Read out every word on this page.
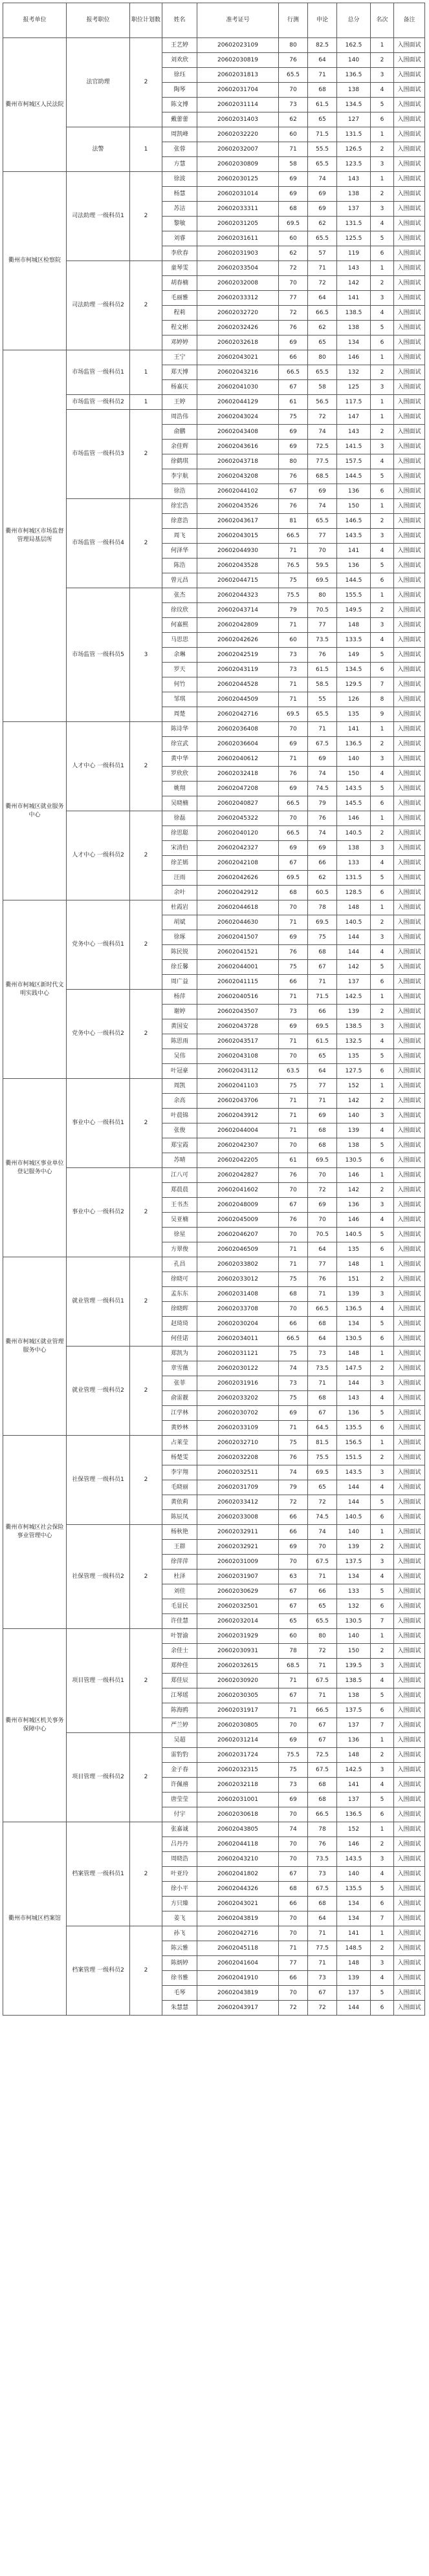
报考单位	报考职位	职位计划数	姓名	准考证号	行测	申论	总分	名次	备注
衢州市柯城区人民法院	法官助理	2	王艺婷	20602023109	80	82.5	162.5	1	入围面试
			刘欢欣	20602030819	76	64	140	2	入围面试
			徐珏	20602031813	65.5	71	136.5	3	入围面试
			陶琴	20602031704	70	68	138	4	入围面试
			陈文博	20602031114	73	61.5	134.5	5	入围面试
			戴蕾蕾	20602031403	62	65	127	6	入围面试
	法警	1	周凯峰	20602032220	60	71.5	131.5	1	入围面试
			张蓉	20602032007	71	55.5	126.5	2	入围面试
			方慧	20602030809	58	65.5	123.5	3	入围面试
衢州市柯城区检察院	司法助理 一级科员1	2	徐波	20602030125	69	74	143	1	入围面试
			杨慧	20602031014	69	69	138	2	入围面试
			苏洁	20602033311	68	69	137	3	入围面试
			黎敏	20602031205	69.5	62	131.5	4	入围面试
			刘睿	20602031611	60	65.5	125.5	5	入围面试
			李欣春	20602031903	62	57	119	6	入围面试
	司法助理 一级科员2	2	童琴雯	20602033504	72	71	143	1	入围面试
			胡春楠	20602032008	70	72	142	2	入围面试
			毛丽雅	20602033312	77	64	141	3	入围面试
			程莉	20602032720	72	66.5	138.5	4	入围面试
			程文彬	20602032426	76	62	138	5	入围面试
			邓婷婷	20602032618	69	65	134	6	入围面试
衢州市柯城区市场监督管理局基层所	市场监管 一级科员1	1	王宁	20602043021	66	80	146	1	入围面试
			郑天博	20602043216	66.5	65.5	132	2	入围面试
			杨嘉庆	20602041030	67	58	125	3	入围面试
	市场监管 一级科员2	1	王婷	20602044129	61	56.5	117.5	1	入围面试
	市场监管 一级科员3	2	周浩伟	20602043024	75	72	147	1	入围面试
			俞鹏	20602043408	69	74	143	2	入围面试
			余佳辉	20602043616	69	72.5	141.5	3	入围面试
			徐鹤琪	20602043718	80	77.5	157.5	4	入围面试
			李宇航	20602043208	76	68.5	144.5	5	入围面试
			徐浩	20602044102	67	69	136	6	入围面试
	市场监管 一级科员4	2	徐宏浩	20602043526	76	74	150	1	入围面试
			徐意浩	20602043617	81	65.5	146.5	2	入围面试
			周飞	20602043015	66.5	77	143.5	3	入围面试
			何泽华	20602044930	71	70	141	4	入围面试
			陈浩	20602043528	76.5	59.5	136	5	入围面试
			曾元昌	20602044715	75	69.5	144.5	6	入围面试
	市场监管 一级科员5	3	张杰	20602044323	75.5	80	155.5	1	入围面试
			徐玟欣	20602043714	79	70.5	149.5	2	入围面试
			何嘉熙	20602042809	71	77	148	3	入围面试
			马思思	20602042626	60	73.5	133.5	4	入围面试
			余琳	20602042519	73	76	149	5	入围面试
			罗天	20602043119	73	61.5	134.5	6	入围面试
			何竹	20602044528	71	58.5	129.5	7	入围面试
			邹琪	20602044509	71	55	126	8	入围面试
			周楚	20602042716	69.5	65.5	135	9	入围面试
衢州市柯城区就业服务中心	人才中心 一级科员1	2	陈诗华	20602036408	70	71	141	1	入围面试
			徐宣武	20602036604	69	67.5	136.5	2	入围面试
			黄中华	20602040612	71	69	140	3	入围面试
			罗欣欣	20602032418	76	74	150	4	入围面试
			姚翔	20602047208	69	74.5	143.5	5	入围面试
			吴晓楠	20602040827	66.5	79	145.5	6	入围面试
	人才中心 一级科员2	2	徐磊	20602045322	70	76	146	1	入围面试
			徐思聪	20602040120	66.5	74	140.5	2	入围面试
			宋清伯	20602042327	69	69	138	3	入围面试
			徐芷嫣	20602042108	67	66	133	4	入围面试
			汪雨	20602042626	69.5	62	131.5	5	入围面试
			余叶	20602042912	68	60.5	128.5	6	入围面试
衢州市柯城区新时代文明实践中心	党务中心 一级科员1	2	杜霞岩	20602044618	70	78	148	1	入围面试
			胡斌	20602044630	71	69.5	140.5	2	入围面试
			徐琢	20602041507	69	75	144	3	入围面试
			陈民锐	20602041521	76	68	144	4	入围面试
			徐丘馨	20602044001	75	67	142	5	入围面试
			周广益	20602041115	66	71	137	6	入围面试
	党务中心 一级科员2	2	杨萍	20602040516	71	71.5	142.5	1	入围面试
			谢婷	20602043507	73	66	139	2	入围面试
			黄国安	20602043728	69	69.5	138.5	3	入围面试
			陈思雨	20602043517	71	61.5	132.5	4	入围面试
			吴伟	20602043108	70	65	135	5	入围面试
			叶冠豪	20602043112	63.5	64	127.5	6	入围面试
衢州市柯城区事业单位登记服务中心	事业中心 一级科员1	2	周凯	20602041103	75	77	152	1	入围面试
			余高	20602043706	71	71	142	2	入围面试
			叶晨锦	20602043912	71	69	140	3	入围面试
			张俊	20602044004	71	68	139	4	入围面试
			郑宝霞	20602042307	70	68	138	5	入围面试
			苏晴	20602042205	61	69.5	130.5	6	入围面试
	事业中心 一级科员2	2	江八可	20602042827	76	70	146	1	入围面试
			郑晨晨	20602041602	70	72	142	2	入围面试
			王书杰	20602048009	67	69	136	3	入围面试
			吴亚楠	20602045009	76	70	146	4	入围面试
			徐星	20602046207	70	70.5	140.5	5	入围面试
			方翠俊	20602046509	71	64	135	6	入围面试
衢州市柯城区就业管理服务中心	就业管理 一级科员1	2	孔昌	20602033802	71	77	148	1	入围面试
			徐晓可	20602033012	75	76	151	2	入围面试
			孟东东	20602031408	68	71	139	3	入围面试
			徐晓晖	20602033708	70	66.5	136.5	4	入围面试
			赵琦琦	20602030204	66	68	134	5	入围面试
			何佳诺	20602034011	66.5	64	130.5	6	入围面试
	就业管理 一级科员2	2	郑凯为	20602031121	75	73	148	1	入围面试
			章雪薇	20602030122	74	73.5	147.5	2	入围面试
			张菲	20602031916	73	71	144	3	入围面试
			俞雷靓	20602033202	75	68	143	4	入围面试
			江学林	20602030702	69	67	136	5	入围面试
			黄妙林	20602033109	71	64.5	135.5	6	入围面试
衢州市柯城区社会保险事业管理中心	社保管理 一级科员1	2	占莱莹	20602032710	75	81.5	156.5	1	入围面试
			杨楚雯	20602032208	76	75.5	151.5	2	入围面试
			李宇翔	20602032511	74	69.5	143.5	3	入围面试
			毛晓丽	20602031709	79	65	144	4	入围面试
			黄依莉	20602033412	72	72	144	5	入围面试
			陈辰凤	20602033008	66	74.5	140.5	6	入围面试
	社保管理 一级科员2	2	杨秋艳	20602032911	66	74	140	1	入围面试
			王群	20602032921	69	70	139	2	入围面试
			徐萍萍	20602031009	70	67.5	137.5	3	入围面试
			杜泽	20602031907	63	71	134	4	入围面试
			刘佳	20602030629	67	66	133	5	入围面试
			毛显民	20602032501	67	65	132	6	入围面试
			许佳慧	20602032014	65	65.5	130.5	7	入围面试
衢州市柯城区机关事务保障中心	项目管理 一级科员1	2	叶智渝	20602031929	60	80	140	1	入围面试
			余佳士	20602030931	78	72	150	2	入围面试
			郑仲佳	20602032615	68.5	71	139.5	3	入围面试
			郑佳辰	20602030920	71	67.5	138.5	4	入围面试
			江琴瑶	20602030305	67	71	138	5	入围面试
			陈海鸥	20602031917	71	66.5	137.5	6	入围面试
			严兰婷	20602030805	70	67	137	7	入围面试
	项目管理 一级科员2	2	吴超	20602031214	69	67	136	1	入围面试
			雷豹豹	20602031724	75.5	72.5	148	2	入围面试
			金子春	20602032315	75	67.5	142.5	3	入围面试
			许佩禧	20602032118	73	68	141	4	入围面试
			唐莹莹	20602031001	69	68	137	5	入围面试
			付宇	20602030618	70	66.5	136.5	6	入围面试
衢州市柯城区档案馆	档案管理 一级科员1	2	张嘉诚	20602043805	74	78	152	1	入围面试
			吕丹丹	20602044118	70	76	146	2	入围面试
			周晓浩	20602043210	70	73.5	143.5	3	入围面试
			叶亚玲	20602041802	67	73	140	4	入围面试
			徐小平	20602044326	68	67.5	135.5	5	入围面试
			方只臻	20602043021	66	68	134	6	入围面试
			姜飞	20602043819	70	64	134	7	入围面试
	档案管理 一级科员2	2	孙飞	20602042716	70	71	141	1	入围面试
			陈云雅	20602045118	71	77.5	148.5	2	入围面试
			陈炳婷	20602041604	77	71	148	3	入围面试
			徐书雅	20602041910	66	73	139	4	入围面试
			毛琴	20602043819	70	67	137	5	入围面试
			朱慧慧	20602043917	72	72	144	6	入围面试
